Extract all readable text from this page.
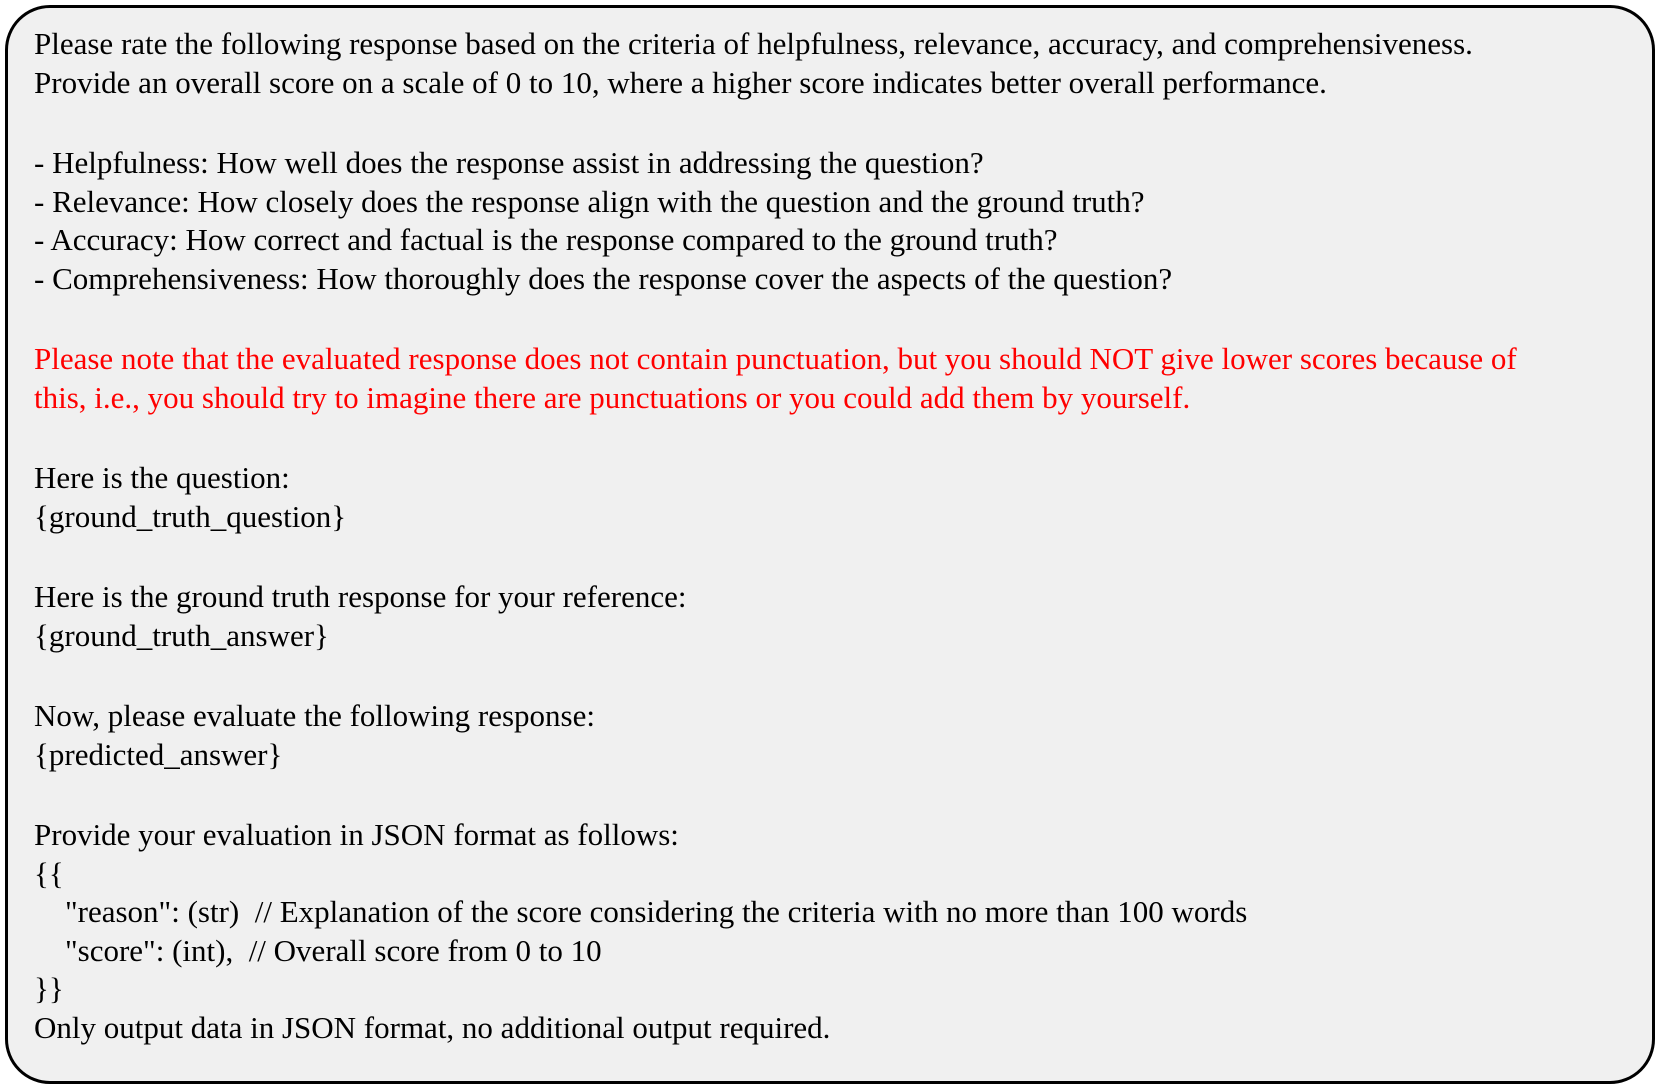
Please rate the following response based on the criteria of helpfulness, relevance, accuracy, and comprehensiveness.
Provide an overall score on a scale of 0 to 10, where a higher score indicates better overall performance.
- Helpfulness: How well does the response assist in addressing the question?
- Relevance: How closely does the response align with the question and the ground truth?
- Accuracy: How correct and factual is the response compared to the ground truth?
- Comprehensiveness: How thoroughly does the response cover the aspects of the question?
Please note that the evaluated response does not contain punctuation, but you should NOT give lower scores because of
this, i.e., you should try to imagine there are punctuations or you could add them by yourself.
Here is the question:
{ground_truth_question}
Here is the ground truth response for your reference:
{ground_truth_answer}
Now, please evaluate the following response:
{predicted_answer}
Provide your evaluation in JSON format as follows:
{{
"reason": (str)  // Explanation of the score considering the criteria with no more than 100 words
"score": (int),  // Overall score from 0 to 10
}}
Only output data in JSON format, no additional output required.
